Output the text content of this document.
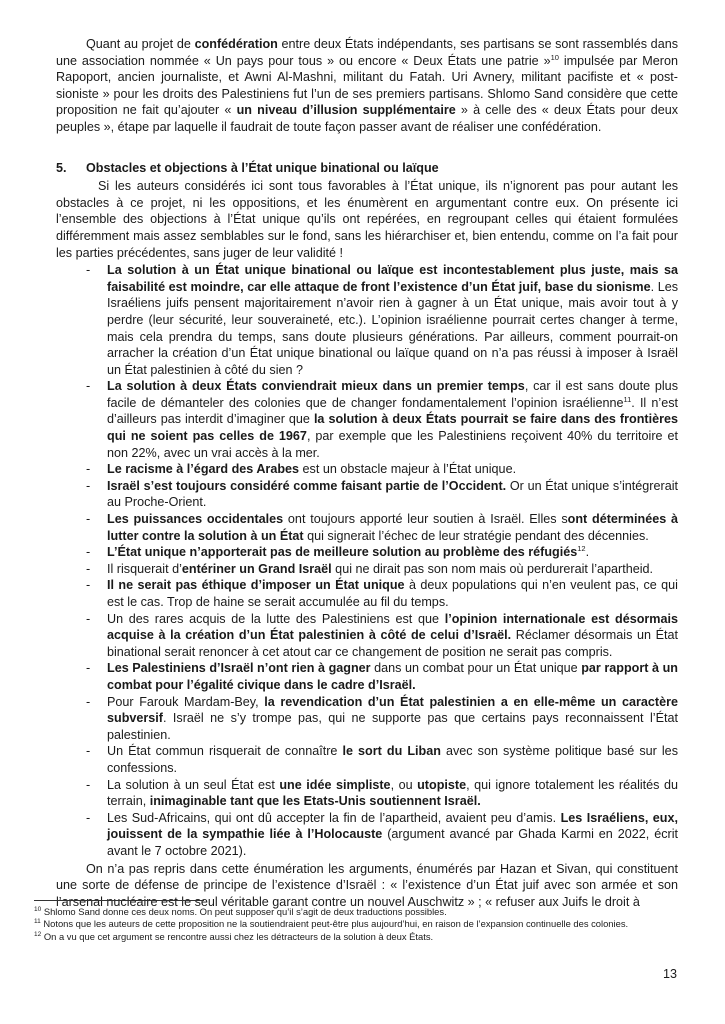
Quant au projet de confédération entre deux États indépendants, ses partisans se sont rassemblés dans une association nommée « Un pays pour tous » ou encore « Deux États une patrie »$^{10}$ impulsée par Meron Rapoport, ancien journaliste, et Awni Al-Mashni, militant du Fatah. Uri Avnery, militant pacifiste et « post-sioniste » pour les droits des Palestiniens fut l’un de ses premiers partisans. Shlomo Sand considère que cette proposition ne fait qu’ajouter « un niveau d’illusion supplémentaire » à celle des « deux États pour deux peuples », étape par laquelle il faudrait de toute façon passer avant de réaliser une confédération.

5.	Obstacles et objections à l’État unique binational ou laïque

Si les auteurs considérés ici sont tous favorables à l’État unique, ils n’ignorent pas pour autant les obstacles à ce projet, ni les oppositions, et les énumèrent en argumentant contre eux. On présente ici l’ensemble des objections à l’État unique qu’ils ont repérées, en regroupant celles qui étaient formulées différemment mais assez semblables sur le fond, sans les hiérarchiser et, bien entendu, comme on l’a fait pour les parties précédentes, sans juger de leur validité !

- La solution à un État unique binational ou laïque est incontestablement plus juste, mais sa faisabilité est moindre, car elle attaque de front l’existence d’un État juif, base du sionisme. Les Israéliens juifs pensent majoritairement n’avoir rien à gagner à un État unique, mais avoir tout à y perdre (leur sécurité, leur souveraineté, etc.). L’opinion israélienne pourrait certes changer à terme, mais cela prendra du temps, sans doute plusieurs générations. Par ailleurs, comment pourrait-on arracher la création d’un État unique binational ou laïque quand on n’a pas réussi à imposer à Israël un État palestinien à côté du sien ?
- La solution à deux États conviendrait mieux dans un premier temps, car il est sans doute plus facile de démanteler des colonies que de changer fondamentalement l’opinion israélienne$^{11}$. Il n’est d’ailleurs pas interdit d’imaginer que la solution à deux États pourrait se faire dans des frontières qui ne soient pas celles de 1967, par exemple que les Palestiniens reçoivent 40% du territoire et non 22%, avec un vrai accès à la mer.
- Le racisme à l’égard des Arabes est un obstacle majeur à l’État unique.
- Israël s’est toujours considéré comme faisant partie de l’Occident. Or un État unique s’intégrerait au Proche-Orient.
- Les puissances occidentales ont toujours apporté leur soutien à Israël. Elles sont déterminées à lutter contre la solution à un État qui signerait l’échec de leur stratégie pendant des décennies.
- L’État unique n’apporterait pas de meilleure solution au problème des réfugiés$^{12}$.
- Il risquerait d’entériner un Grand Israël qui ne dirait pas son nom mais où perdurerait l’apartheid.
- Il ne serait pas éthique d’imposer un État unique à deux populations qui n’en veulent pas, ce qui est le cas. Trop de haine se serait accumulée au fil du temps.
- Un des rares acquis de la lutte des Palestiniens est que l’opinion internationale est désormais acquise à la création d’un État palestinien à côté de celui d’Israël. Réclamer désormais un État binational serait renoncer à cet atout car ce changement de position ne serait pas compris.
- Les Palestiniens d’Israël n’ont rien à gagner dans un combat pour un État unique par rapport à un combat pour l’égalité civique dans le cadre d’Israël.
- Pour Farouk Mardam-Bey, la revendication d’un État palestinien a en elle-même un caractère subversif. Israël ne s’y trompe pas, qui ne supporte pas que certains pays reconnaissent l’État palestinien.
- Un État commun risquerait de connaître le sort du Liban avec son système politique basé sur les confessions.
- La solution à un seul État est une idée simpliste, ou utopiste, qui ignore totalement les réalités du terrain, inimaginable tant que les Etats-Unis soutiennent Israël.
- Les Sud-Africains, qui ont dû accepter la fin de l’apartheid, avaient peu d’amis. Les Israéliens, eux, jouissent de la sympathie liée à l’Holocauste (argument avancé par Ghada Karmi en 2022, écrit avant le 7 octobre 2021).

On n’a pas repris dans cette énumération les arguments, énumérés par Hazan et Sivan, qui constituent une sorte de défense de principe de l’existence d’Israël : « l’existence d’un État juif avec son armée et son l’arsenal nucléaire est le seul véritable garant contre un nouvel Auschwitz » ; « refuser aux Juifs le droit à

$^{10}$ Shlomo Sand donne ces deux noms. On peut supposer qu’il s’agit de deux traductions possibles.
$^{11}$ Notons que les auteurs de cette proposition ne la soutiendraient peut-être plus aujourd’hui, en raison de l’expansion continuelle des colonies.
$^{12}$ On a vu que cet argument se rencontre aussi chez les détracteurs de la solution à deux États.
13
